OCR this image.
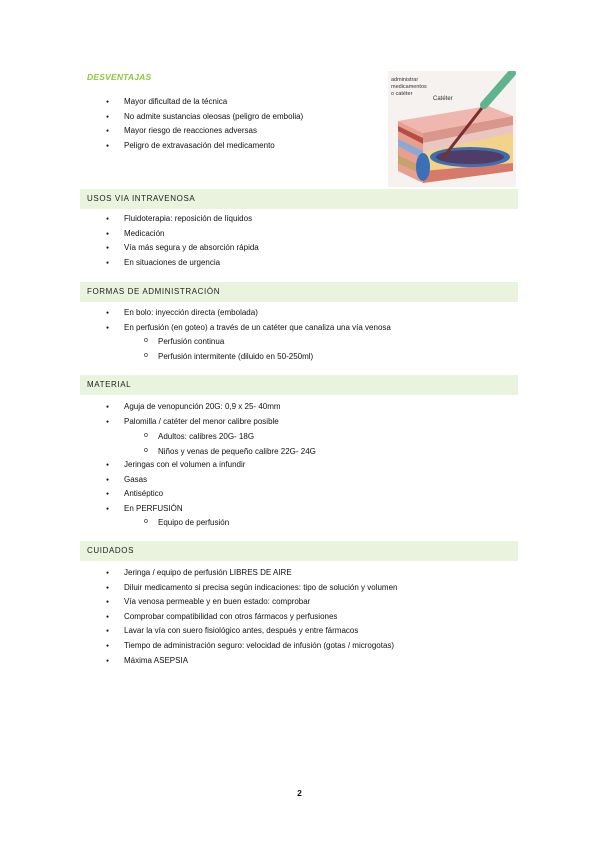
DESVENTAJAS
● Mayor dificultad de la técnica
● No admite sustancias oleosas (peligro de embolia)
● Mayor riesgo de reacciones adversas
● Peligro de extravasación del medicamento
administrar
medicamentos
o catéter
Catéter
USOS VIA INTRAVENOSA
● Fluidoterapia: reposición de líquidos
● Medicación
● Vía más segura y de absorción rápida
● En situaciones de urgencia
FORMAS DE ADMINISTRACIÓN
● En bolo: inyección directa (embolada)
● En perfusión (en goteo) a través de un catéter que canaliza una vía venosa
o Perfusión continua
o Perfusión intermitente (diluido en 50-250ml)
MATERIAL
● Aguja de venopunción 20G: 0,9 x 25- 40mm
● Palomilla / catéter del menor calibre posible
o Adultos: calibres 20G- 18G
o Niños y venas de pequeño calibre 22G- 24G
● Jeringas con el volumen a infundir
● Gasas
● Antiséptico
● En PERFUSIÓN
o Equipo de perfusión
CUIDADOS
● Jeringa / equipo de perfusión LIBRES DE AIRE
● Diluir medicamento si precisa según indicaciones: tipo de solución y volumen
● Vía venosa permeable y en buen estado: comprobar
● Comprobar compatibilidad con otros fármacos y perfusiones
● Lavar la vía con suero fisiológico antes, después y entre fármacos
● Tiempo de administración seguro: velocidad de infusión (gotas / microgotas)
● Máxima ASEPSIA
2
